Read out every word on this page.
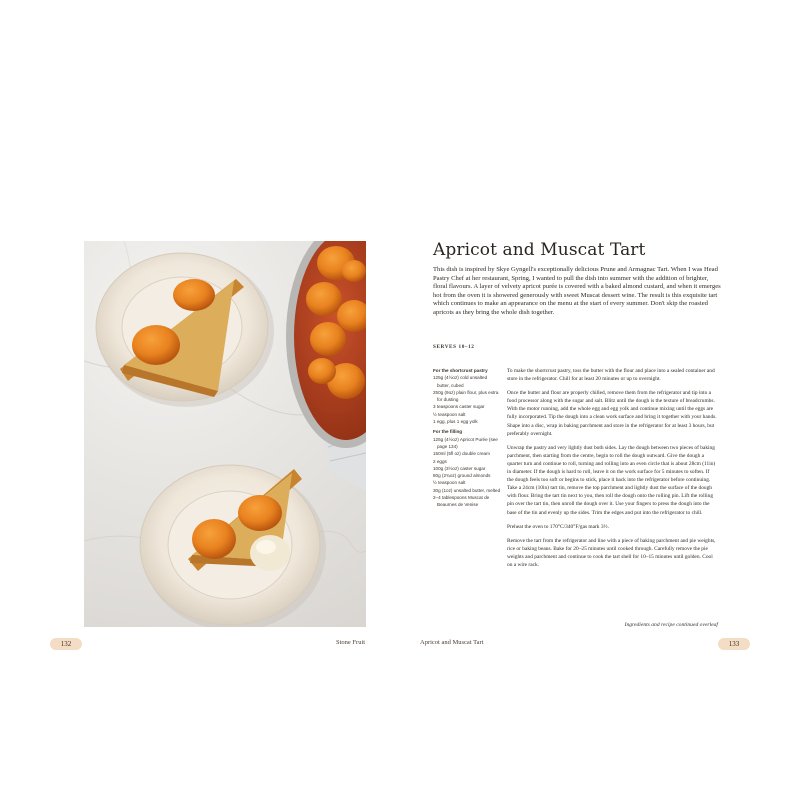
132	Stone Fruit
Apricot and Muscat Tart

This dish is inspired by Skye Gyngell's exceptionally delicious Prune and Armagnac Tart. When I was Head Pastry Chef at her restaurant, Spring, I wanted to pull the dish into summer with the addition of brighter, floral flavours. A layer of velvety apricot purée is covered with a baked almond custard, and when it emerges hot from the oven it is showered generously with sweet Muscat dessert wine. The result is this exquisite tart which continues to make an appearance on the menu at the start of every summer. Don't skip the roasted apricots as they bring the whole dish together.

SERVES 10–12

For the shortcrust pastry
125g (4½oz) cold unsalted butter, cubed
250g (9oz) plain flour, plus extra for dusting
3 teaspoons caster sugar
½ teaspoon salt
1 egg, plus 1 egg yolk
For the filling
125g (4½oz) Apricot Purée (see page 134)
150ml (5fl oz) double cream
2 eggs
100g (3½oz) caster sugar
80g (2¾oz) ground almonds
½ teaspoon salt
30g (1oz) unsalted butter, melted
2–4 tablespoons Muscat de Beaurnes de Venise

To make the shortcrust pastry, toss the butter with the flour and place into a sealed container and store in the refrigerator. Chill for at least 20 minutes or up to overnight.

Once the butter and flour are properly chilled, remove them from the refrigerator and tip into a food processor along with the sugar and salt. Blitz until the dough is the texture of breadcrumbs. With the motor running, add the whole egg and egg yolk and continue mixing until the eggs are fully incorporated. Tip the dough into a clean work surface and bring it together with your hands. Shape into a disc, wrap in baking parchment and store in the refrigerator for at least 3 hours, but preferably overnight.

Unwrap the pastry and very lightly dust both sides. Lay the dough between two pieces of baking parchment, then starting from the centre, begin to roll the dough outward. Give the dough a quarter turn and continue to roll, turning and rolling into an even circle that is about 28cm (11in) in diameter. If the dough is hard to roll, leave it on the work surface for 5 minutes to soften. If the dough feels too soft or begins to stick, place it back into the refrigerator before continuing. Take a 24cm (10in) tart tin, remove the top parchment and lightly dust the surface of the dough with flour. Bring the tart tin next to you, then roll the dough onto the rolling pin. Lift the rolling pin over the tart tin, then unroll the dough over it. Use your fingers to press the dough into the base of the tin and evenly up the sides. Trim the edges and put into the refrigerator to chill.

Preheat the oven to 170°C/340°F/gas mark 3½.

Remove the tart from the refrigerator and line with a piece of baking parchment and pie weights, rice or baking beans. Bake for 20–25 minutes until cooked through. Carefully remove the pie weights and parchment and continue to cook the tart shell for 10–15 minutes until golden. Cool on a wire rack.

Ingredients and recipe continued overleaf
Apricot and Muscat Tart	133
